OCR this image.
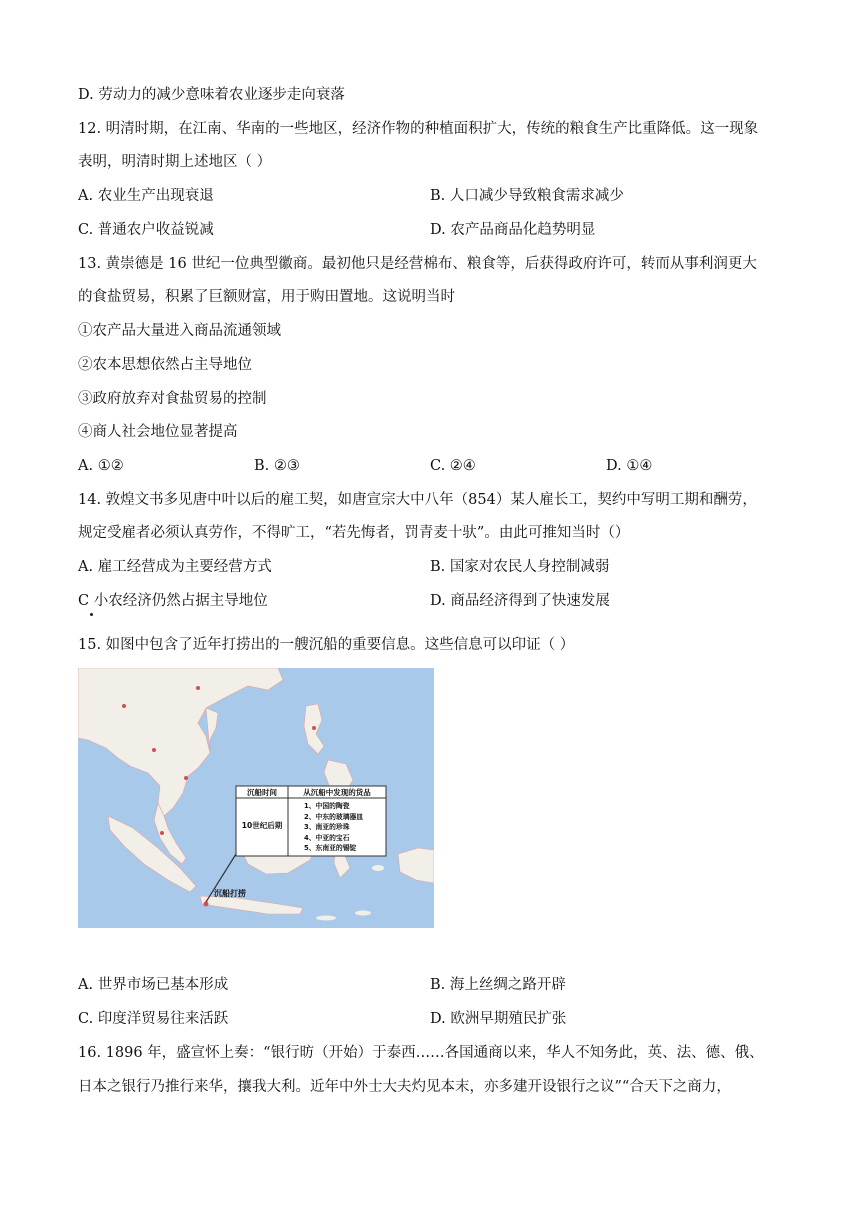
D. 劳动力的减少意味着农业逐步走向衰落
12. 明清时期，在江南、华南的一些地区，经济作物的种植面积扩大，传统的粮食生产比重降低。这一现象
表明，明清时期上述地区（ ）
A. 农业生产出现衰退	B. 人口减少导致粮食需求减少
C. 普通农户收益锐减	D. 农产品商品化趋势明显
13. 黄崇德是 16 世纪一位典型徽商。最初他只是经营棉布、粮食等，后获得政府许可，转而从事利润更大
的食盐贸易，积累了巨额财富，用于购田置地。这说明当时
①农产品大量进入商品流通领域
②农本思想依然占主导地位
③政府放弃对食盐贸易的控制
④商人社会地位显著提高
A. ①②	B. ②③	C. ②④	D. ①④
14. 敦煌文书多见唐中叶以后的雇工契，如唐宣宗大中八年（854）某人雇长工，契约中写明工期和酬劳，
规定受雇者必须认真劳作，不得旷工，“若先悔者，罚青麦十驮”。由此可推知当时（）
A. 雇工经营成为主要经营方式	B. 国家对农民人身控制减弱
C 小农经济仍然占据主导地位	D. 商品经济得到了快速发展
15. 如图中包含了近年打捞出的一艘沉船的重要信息。这些信息可以印证（ ）
沉船时间	从沉船中发现的货品
10世纪后期
1、中国的陶瓷
2、中东的玻璃器皿
3、南亚的珍珠
4、中亚的宝石
5、东南亚的锡锭
沉船打捞
A. 世界市场已基本形成	B. 海上丝绸之路开辟
C. 印度洋贸易往来活跃	D. 欧洲早期殖民扩张
16. 1896 年，盛宣怀上奏：“银行昉（开始）于泰西……各国通商以来，华人不知务此，英、法、德、俄、
日本之银行乃推行来华，攘我大利。近年中外士大夫灼见本末，亦多建开设银行之议”“合天下之商力，
